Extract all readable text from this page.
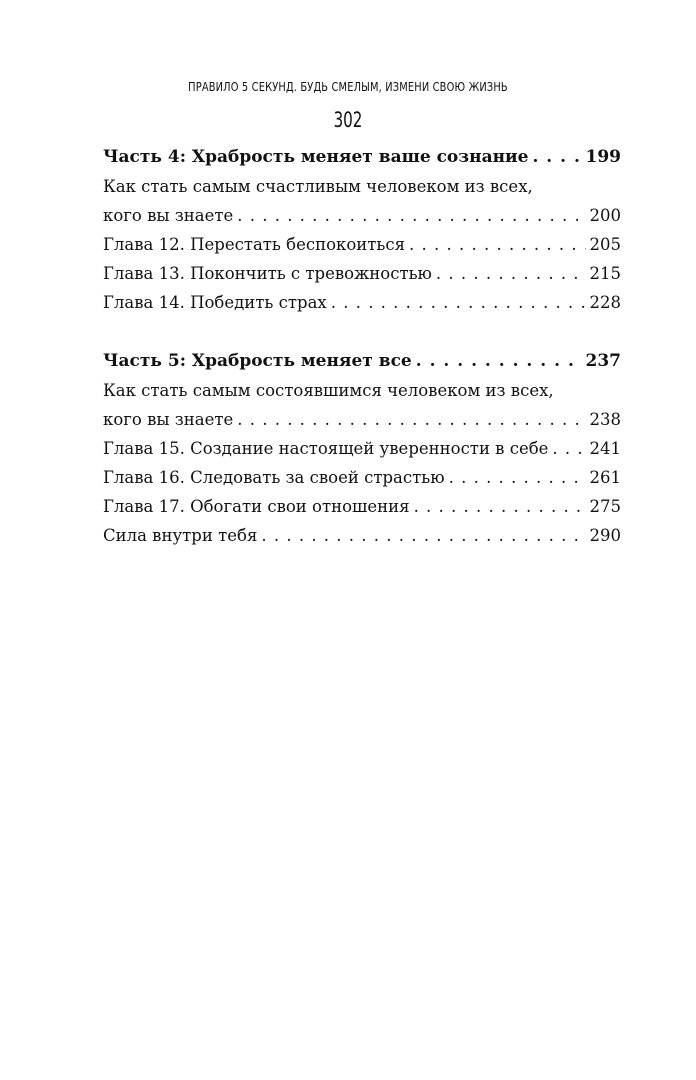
ПРАВИЛО 5 СЕКУНД. БУДЬ СМЕЛЫМ, ИЗМЕНИ СВОЮ ЖИЗНЬ
302
Часть 4: Храбрость меняет ваше сознание . . .	199
Как стать самым счастливым человеком из всех,
кого вы знаете . . .	200
Глава 12. Перестать беспокоиться . . .	205
Глава 13. Покончить с тревожностью . . .	215
Глава 14. Победить страх . . .	228
Часть 5: Храбрость меняет все . . .	237
Как стать самым состоявшимся человеком из всех,
кого вы знаете . . .	238
Глава 15. Создание настоящей уверенности в себе . . . 241
Глава 16. Следовать за своей страстью . . .	261
Глава 17. Обогати свои отношения . . .	275
Сила внутри тебя . . .	290
